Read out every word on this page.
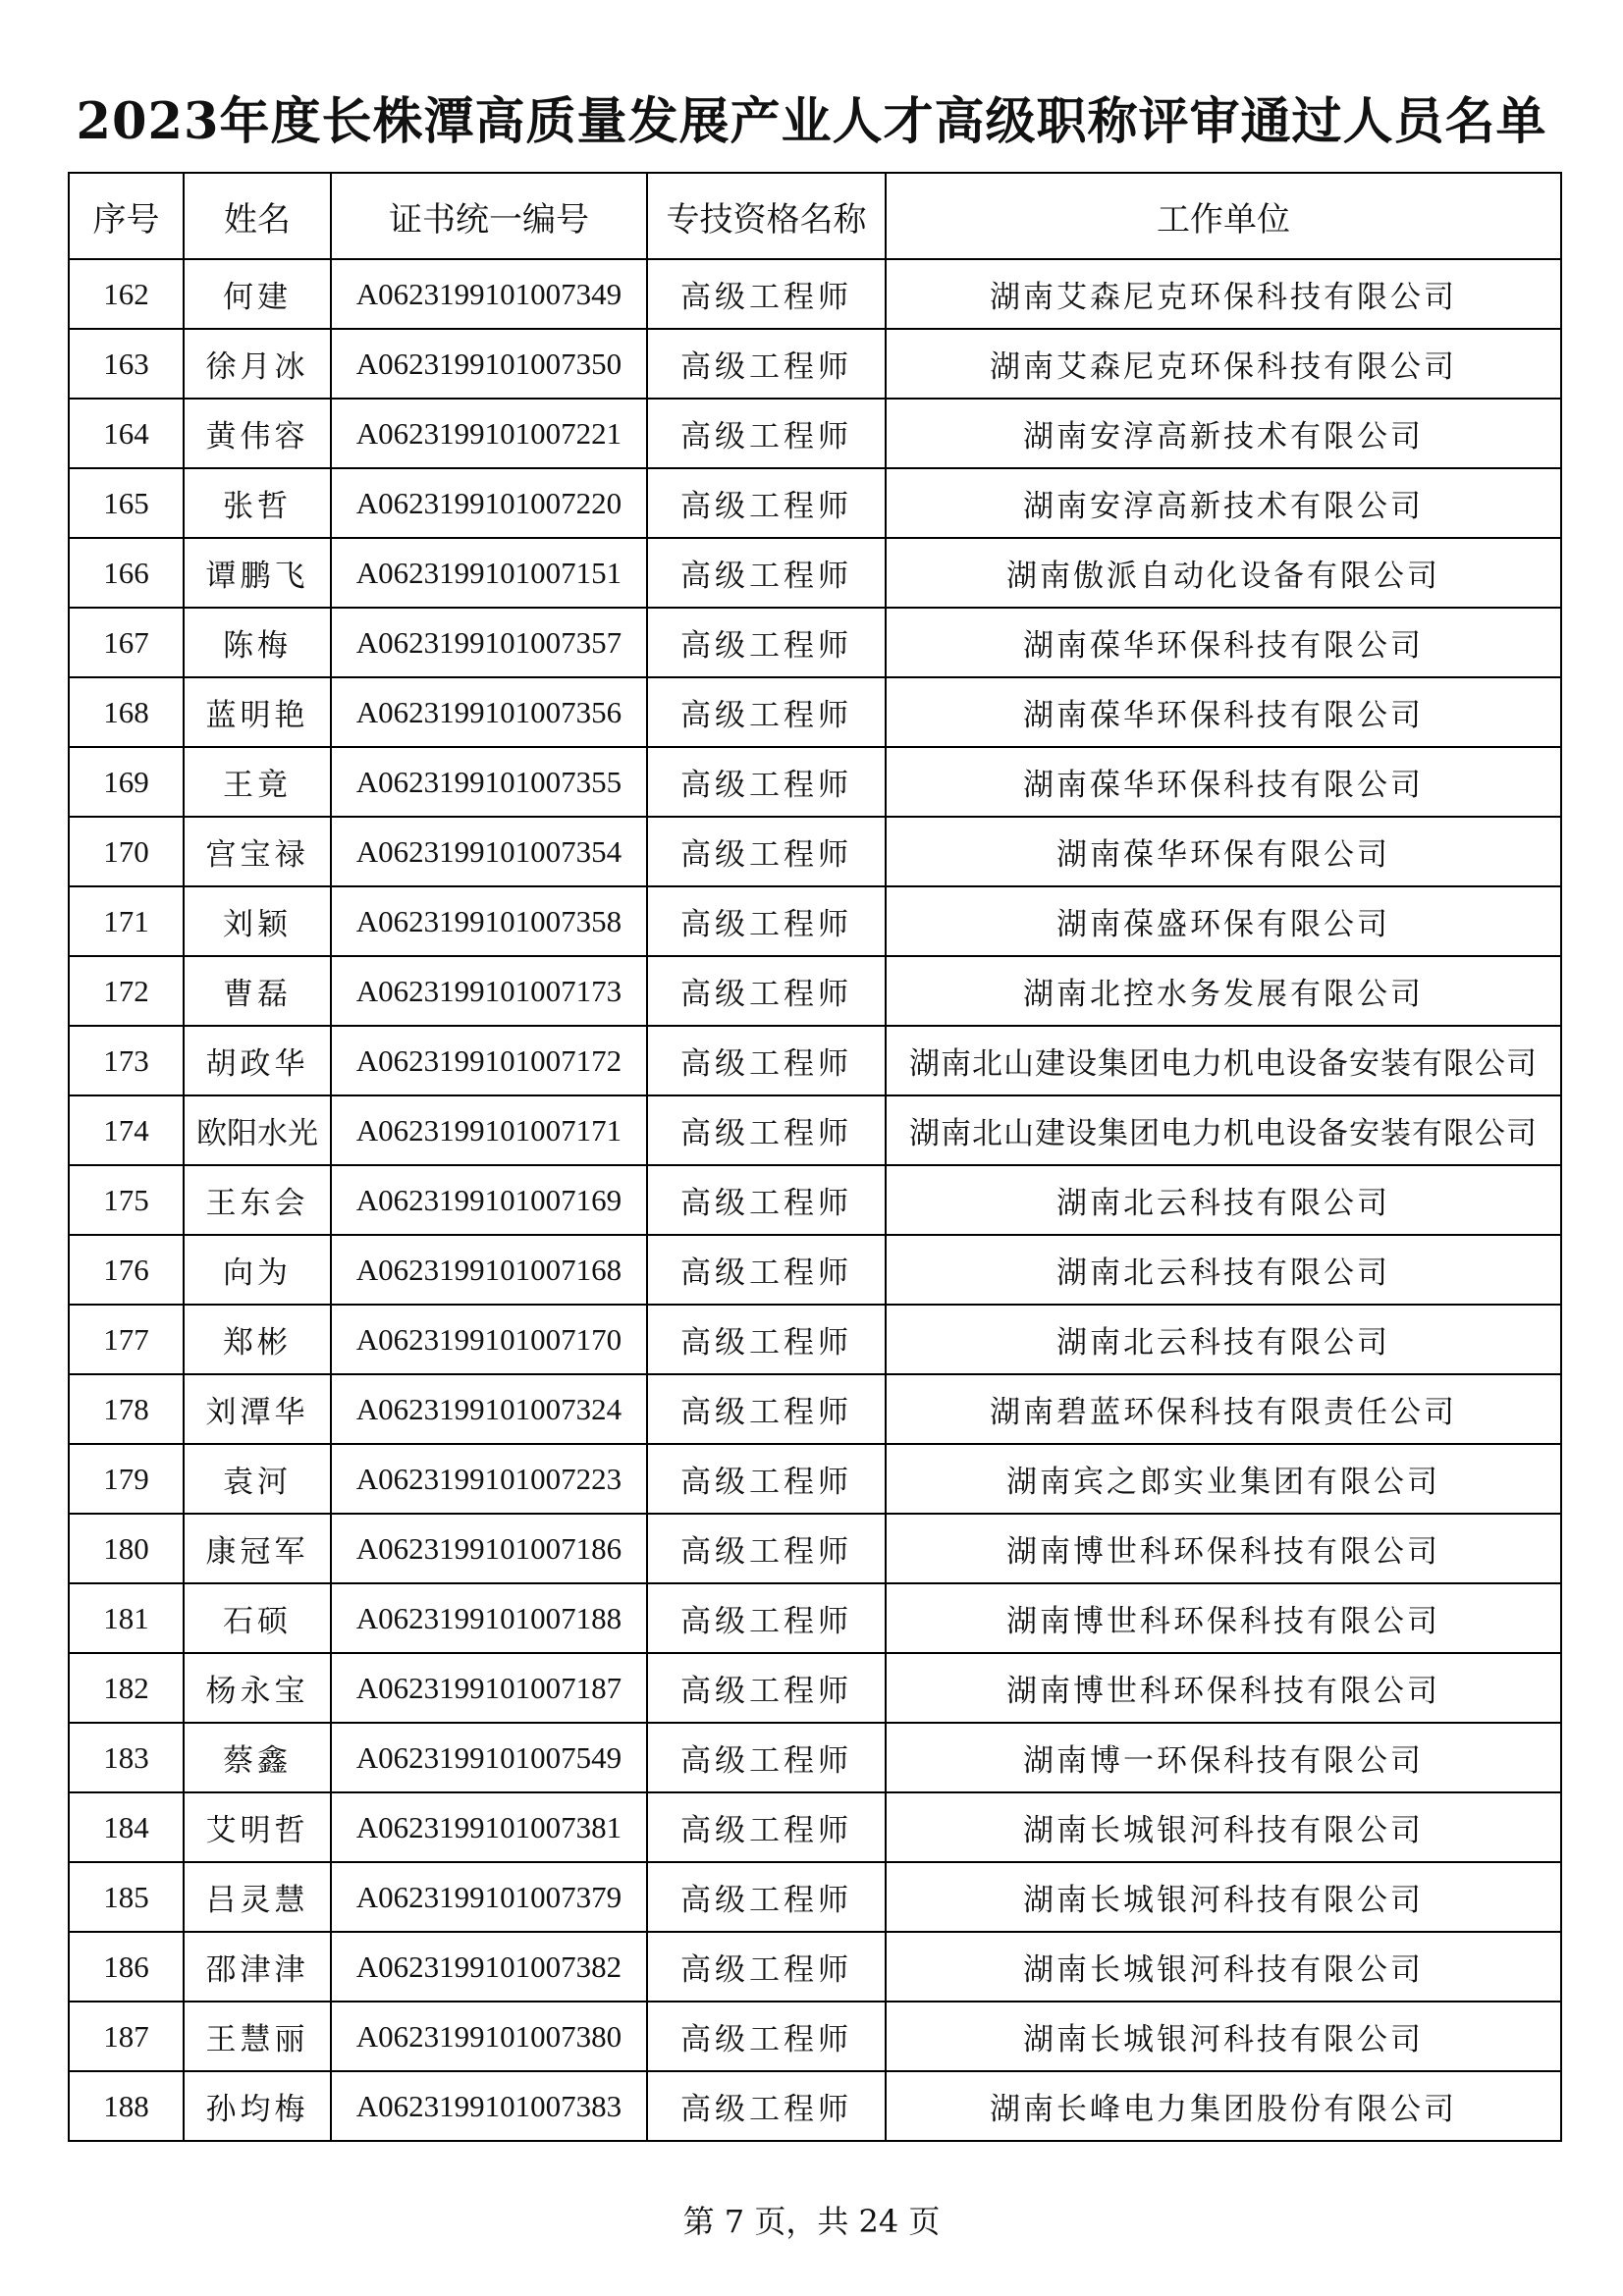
2023年度长株潭高质量发展产业人才高级职称评审通过人员名单
序号	姓名	证书统一编号	专技资格名称	工作单位
162	何建	A0623199101007349	高级工程师	湖南艾森尼克环保科技有限公司
163	徐月冰	A0623199101007350	高级工程师	湖南艾森尼克环保科技有限公司
164	黄伟容	A0623199101007221	高级工程师	湖南安淳高新技术有限公司
165	张哲	A0623199101007220	高级工程师	湖南安淳高新技术有限公司
166	谭鹏飞	A0623199101007151	高级工程师	湖南傲派自动化设备有限公司
167	陈梅	A0623199101007357	高级工程师	湖南葆华环保科技有限公司
168	蓝明艳	A0623199101007356	高级工程师	湖南葆华环保科技有限公司
169	王竟	A0623199101007355	高级工程师	湖南葆华环保科技有限公司
170	宫宝禄	A0623199101007354	高级工程师	湖南葆华环保有限公司
171	刘颖	A0623199101007358	高级工程师	湖南葆盛环保有限公司
172	曹磊	A0623199101007173	高级工程师	湖南北控水务发展有限公司
173	胡政华	A0623199101007172	高级工程师	湖南北山建设集团电力机电设备安装有限公司
174	欧阳水光	A0623199101007171	高级工程师	湖南北山建设集团电力机电设备安装有限公司
175	王东会	A0623199101007169	高级工程师	湖南北云科技有限公司
176	向为	A0623199101007168	高级工程师	湖南北云科技有限公司
177	郑彬	A0623199101007170	高级工程师	湖南北云科技有限公司
178	刘潭华	A0623199101007324	高级工程师	湖南碧蓝环保科技有限责任公司
179	袁河	A0623199101007223	高级工程师	湖南宾之郎实业集团有限公司
180	康冠军	A0623199101007186	高级工程师	湖南博世科环保科技有限公司
181	石硕	A0623199101007188	高级工程师	湖南博世科环保科技有限公司
182	杨永宝	A0623199101007187	高级工程师	湖南博世科环保科技有限公司
183	蔡鑫	A0623199101007549	高级工程师	湖南博一环保科技有限公司
184	艾明哲	A0623199101007381	高级工程师	湖南长城银河科技有限公司
185	吕灵慧	A0623199101007379	高级工程师	湖南长城银河科技有限公司
186	邵津津	A0623199101007382	高级工程师	湖南长城银河科技有限公司
187	王慧丽	A0623199101007380	高级工程师	湖南长城银河科技有限公司
188	孙均梅	A0623199101007383	高级工程师	湖南长峰电力集团股份有限公司
第 7 页，共 24 页
